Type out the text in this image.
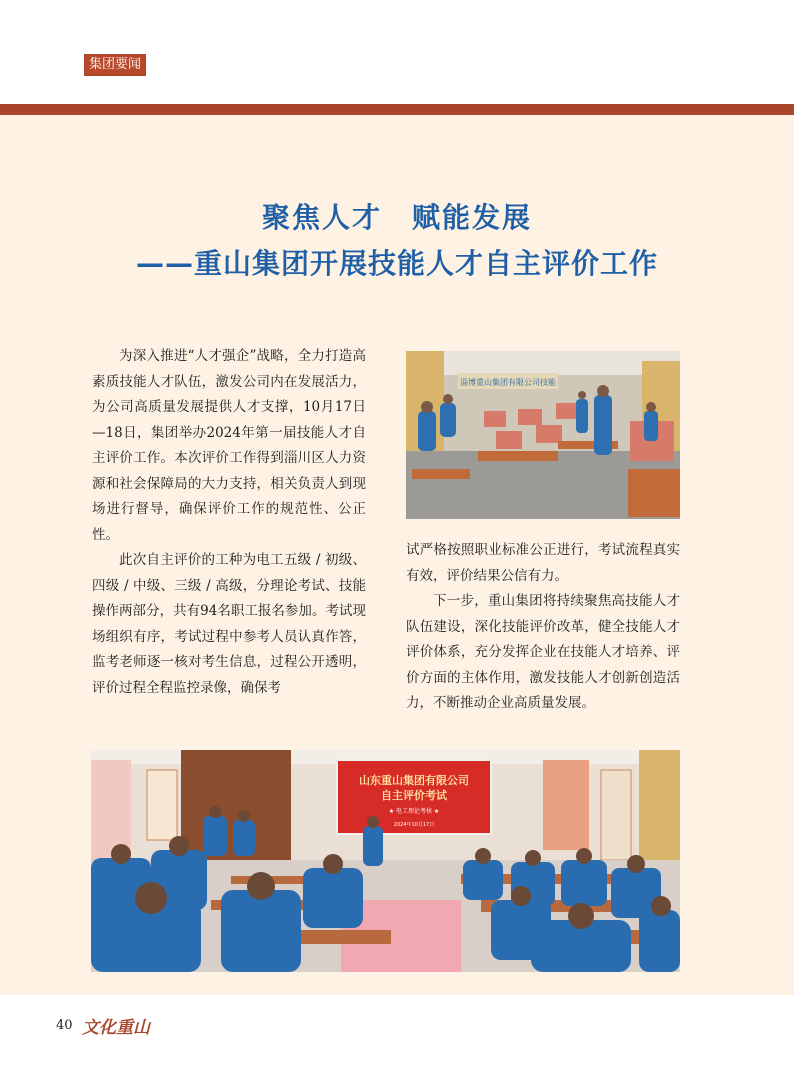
集团要闻
聚焦人才　赋能发展
——重山集团开展技能人才自主评价工作

为深入推进“人才强企”战略，全力打造高素质技能人才队伍，激发公司内在发展活力，为公司高质量发展提供人才支撑，10月17日—18日，集团举办2024年第一届技能人才自主评价工作。本次评价工作得到淄川区人力资源和社会保障局的大力支持，相关负责人到现场进行督导，确保评价工作的规范性、公正性。

此次自主评价的工种为电工五级 / 初级、四级 / 中级、三级 / 高级，分理论考试、技能操作两部分，共有94名职工报名参加。考试现场组织有序，考试过程中参考人员认真作答，监考老师逐一核对考生信息，过程公开透明，评价过程全程监控录像，确保考

试严格按照职业标准公正进行，考试流程真实有效，评价结果公信有力。

下一步，重山集团将持续聚焦高技能人才队伍建设，深化技能评价改革，健全技能人才评价体系，充分发挥企业在技能人才培养、评价方面的主体作用，激发技能人才创新创造活力，不断推动企业高质量发展。

淄博重山集团有限公司技能
山东重山集团有限公司
自主评价考试
★ 电工理论考核 ★
2024年10月17日
40 文化重山
